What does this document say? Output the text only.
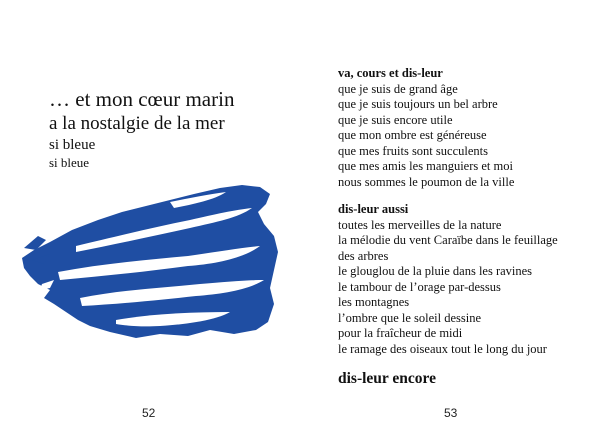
… et mon cœur marin
a la nostalgie de la mer
si bleue
si bleue
52
va, cours et dis-leur
que je suis de grand âge
que je suis toujours un bel arbre
que je suis encore utile
que mon ombre est généreuse
que mes fruits sont succulents
que mes amis les manguiers et moi
nous sommes le poumon de la ville
dis-leur aussi
toutes les merveilles de la nature
la mélodie du vent Caraïbe dans le feuillage
des arbres
le glouglou de la pluie dans les ravines
le tambour de l’orage par-dessus
les montagnes
l’ombre que le soleil dessine
pour la fraîcheur de midi
le ramage des oiseaux tout le long du jour
dis-leur encore
53
